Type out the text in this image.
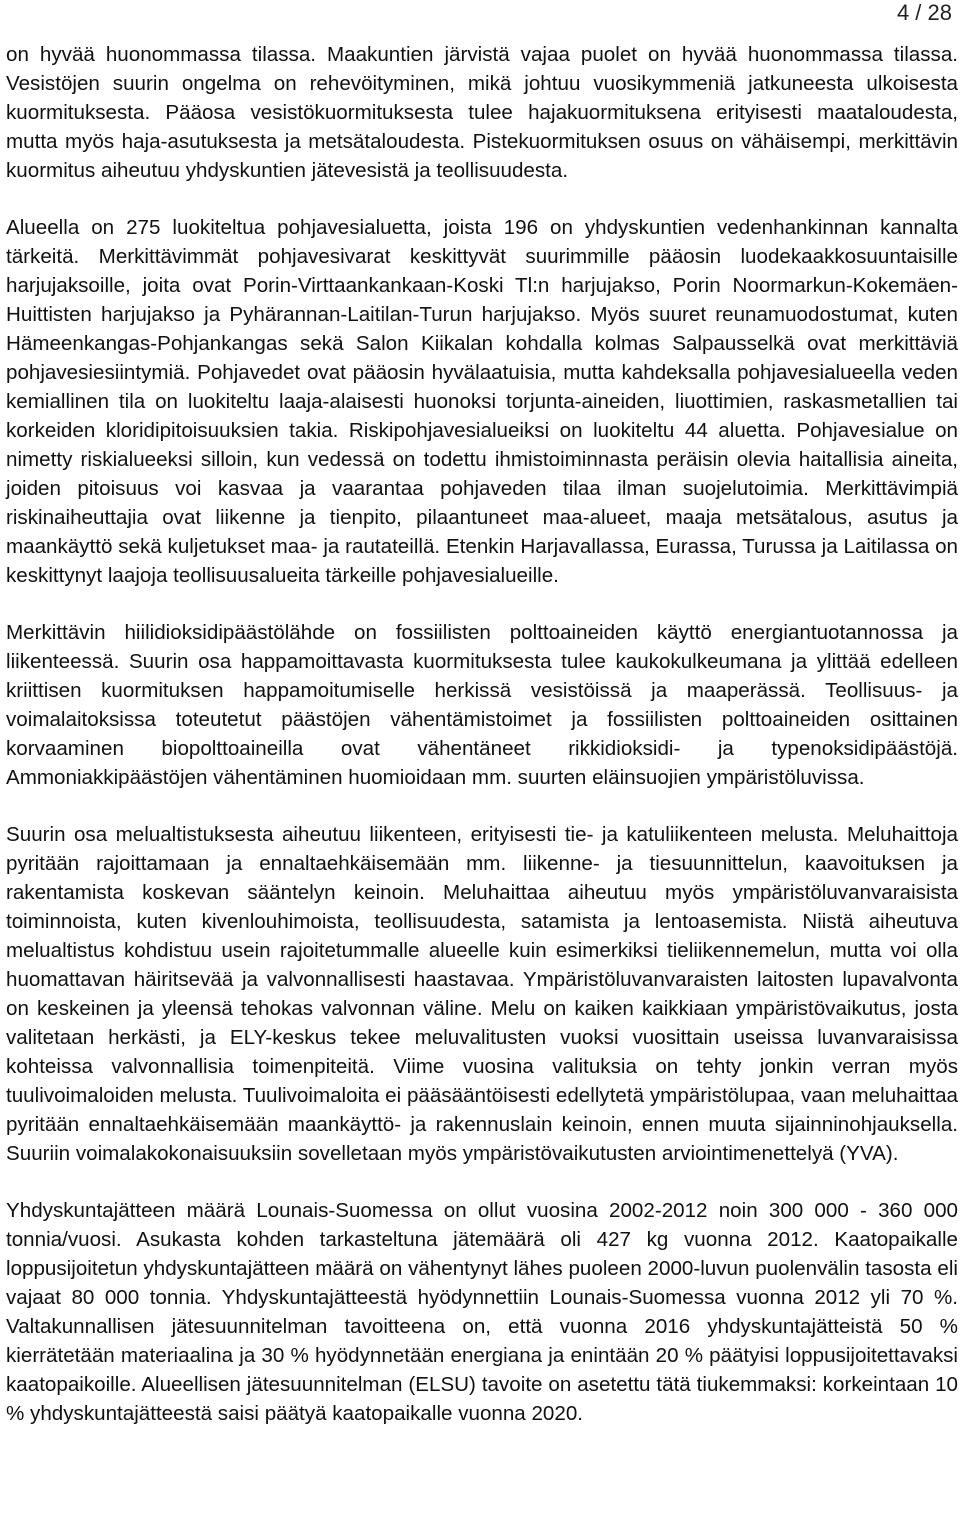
4 / 28

on hyvää huonommassa tilassa. Maakuntien järvistä vajaa puolet on hyvää huonommassa tilassa. Vesistöjen suurin ongelma on rehevöityminen, mikä johtuu vuosikymmeniä jatkuneesta ulkoisesta kuormituksesta. Pääosa vesistökuormituksesta tulee hajakuormituksena erityisesti maataloudesta, mutta myös haja-asutuksesta ja metsätaloudesta. Pistekuormituksen osuus on vähäisempi, merkittävin kuormitus aiheutuu yhdyskuntien jätevesistä ja teollisuudesta.

Alueella on 275 luokiteltua pohjavesialuetta, joista 196 on yhdyskuntien vedenhankinnan kannalta tärkeitä. Merkittävimmät pohjavesivarat keskittyvät suurimmille pääosin luodekaakkosuuntaisille harjujaksoille, joita ovat Porin-Virttaankankaan-Koski Tl:n harjujakso, Porin Noormarkun-Kokemäen-Huittisten harjujakso ja Pyhärannan-Laitilan-Turun harjujakso. Myös suuret reunamuodostumat, kuten Hämeenkangas-Pohjankangas sekä Salon Kiikalan kohdalla kolmas Salpausselkä ovat merkittäviä pohjavesiesiintymiä. Pohjavedet ovat pääosin hyvälaatuisia, mutta kahdeksalla pohjavesialueella veden kemiallinen tila on luokiteltu laaja-alaisesti huonoksi torjunta-aineiden, liuottimien, raskasmetallien tai korkeiden kloridipitoisuuksien takia. Riskipohjavesialueiksi on luokiteltu 44 aluetta. Pohjavesialue on nimetty riskialueeksi silloin, kun vedessä on todettu ihmistoiminnasta peräisin olevia haitallisia aineita, joiden pitoisuus voi kasvaa ja vaarantaa pohjaveden tilaa ilman suojelutoimia. Merkittävimpiä riskinaiheuttajia ovat liikenne ja tienpito, pilaantuneet maa-alueet, maaja metsätalous, asutus ja maankäyttö sekä kuljetukset maa- ja rautateillä. Etenkin Harjavallassa, Eurassa, Turussa ja Laitilassa on keskittynyt laajoja teollisuusalueita tärkeille pohjavesialueille.

Merkittävin hiilidioksidipäästölähde on fossiilisten polttoaineiden käyttö energiantuotannossa ja liikenteessä. Suurin osa happamoittavasta kuormituksesta tulee kaukokulkeumana ja ylittää edelleen kriittisen kuormituksen happamoitumiselle herkissä vesistöissä ja maaperässä. Teollisuus- ja voimalaitoksissa toteutetut päästöjen vähentämistoimet ja fossiilisten polttoaineiden osittainen korvaaminen biopolttoaineilla ovat vähentäneet rikkidioksidi- ja typenoksidipäästöjä. Ammoniakkipäästöjen vähentäminen huomioidaan mm. suurten eläinsuojien ympäristöluvissa.

Suurin osa melualtistuksesta aiheutuu liikenteen, erityisesti tie- ja katuliikenteen melusta. Meluhaittoja pyritään rajoittamaan ja ennaltaehkäisemään mm. liikenne- ja tiesuunnittelun, kaavoituksen ja rakentamista koskevan sääntelyn keinoin. Meluhaittaa aiheutuu myös ympäristöluvanvaraisista toiminnoista, kuten kivenlouhimoista, teollisuudesta, satamista ja lentoasemista. Niistä aiheutuva melualtistus kohdistuu usein rajoitetummalle alueelle kuin esimerkiksi tieliikennemelun, mutta voi olla huomattavan häiritsevää ja valvonnallisesti haastavaa. Ympäristöluvanvaraisten laitosten lupavalvonta on keskeinen ja yleensä tehokas valvonnan väline. Melu on kaiken kaikkiaan ympäristövaikutus, josta valitetaan herkästi, ja ELY-keskus tekee meluvalitusten vuoksi vuosittain useissa luvanvaraisissa kohteissa valvonnallisia toimenpiteitä. Viime vuosina valituksia on tehty jonkin verran myös tuulivoimaloiden melusta. Tuulivoimaloita ei pääsääntöisesti edellytetä ympäristölupaa, vaan meluhaittaa pyritään ennaltaehkäisemään maankäyttö- ja rakennuslain keinoin, ennen muuta sijainninohjauksella. Suuriin voimalakokonaisuuksiin sovelletaan myös ympäristövaikutusten arviointimenettelyä (YVA).

Yhdyskuntajätteen määrä Lounais-Suomessa on ollut vuosina 2002-2012 noin 300 000 - 360 000 tonnia/vuosi. Asukasta kohden tarkasteltuna jätemäärä oli 427 kg vuonna 2012. Kaatopaikalle loppusijoitetun yhdyskuntajätteen määrä on vähentynyt lähes puoleen 2000-luvun puolenvälin tasosta eli vajaat 80 000 tonnia. Yhdyskuntajätteestä hyödynnettiin Lounais-Suomessa vuonna 2012 yli 70 %. Valtakunnallisen jätesuunnitelman tavoitteena on, että vuonna 2016 yhdyskuntajätteistä 50 % kierrätetään materiaalina ja 30 % hyödynnetään energiana ja enintään 20 % päätyisi loppusijoitettavaksi kaatopaikoille. Alueellisen jätesuunnitelman (ELSU) tavoite on asetettu tätä tiukemmaksi: korkeintaan 10 % yhdyskuntajätteestä saisi päätyä kaatopaikalle vuonna 2020.
